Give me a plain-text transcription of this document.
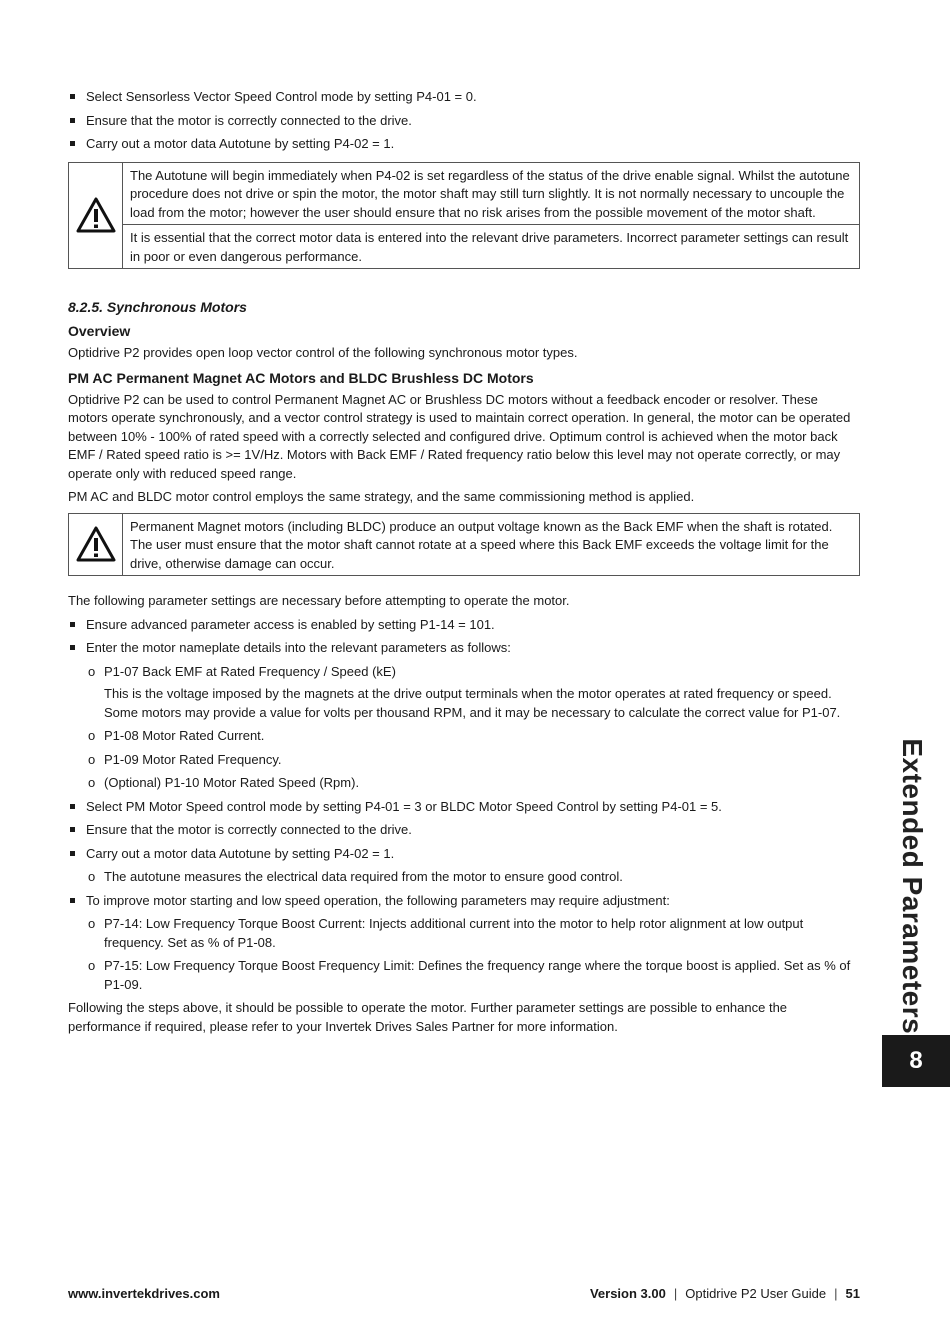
Select Sensorless Vector Speed Control mode by setting P4-01 = 0.
Ensure that the motor is correctly connected to the drive.
Carry out a motor data Autotune by setting P4-02 = 1.
The Autotune will begin immediately when P4-02 is set regardless of the status of the drive enable signal. Whilst the autotune procedure does not drive or spin the motor, the motor shaft may still turn slightly. It is not normally necessary to uncouple the load from the motor; however the user should ensure that no risk arises from the possible movement of the motor shaft.
It is essential that the correct motor data is entered into the relevant drive parameters. Incorrect parameter settings can result in poor or even dangerous performance.
8.2.5. Synchronous Motors
Overview

Optidrive P2 provides open loop vector control of the following synchronous motor types.

PM AC Permanent Magnet AC Motors and BLDC Brushless DC Motors

Optidrive P2 can be used to control Permanent Magnet AC or Brushless DC motors without a feedback encoder or resolver. These motors operate synchronously, and a vector control strategy is used to maintain correct operation. In general, the motor can be operated between 10% - 100% of rated speed with a correctly selected and configured drive. Optimum control is achieved when the motor back EMF / Rated speed ratio is >= 1V/Hz. Motors with Back EMF / Rated frequency ratio below this level may not operate correctly, or may operate only with reduced speed range.

PM AC and BLDC motor control employs the same strategy, and the same commissioning method is applied.

Permanent Magnet motors (including BLDC) produce an output voltage known as the Back EMF when the shaft is rotated. The user must ensure that the motor shaft cannot rotate at a speed where this Back EMF exceeds the voltage limit for the drive, otherwise damage can occur.

The following parameter settings are necessary before attempting to operate the motor.

Ensure advanced parameter access is enabled by setting P1-14 = 101.
Enter the motor nameplate details into the relevant parameters as follows:
o P1-07 Back EMF at Rated Frequency / Speed (kE)
This is the voltage imposed by the magnets at the drive output terminals when the motor operates at rated frequency or speed. Some motors may provide a value for volts per thousand RPM, and it may be necessary to calculate the correct value for P1-07.
o P1-08 Motor Rated Current.
o P1-09 Motor Rated Frequency.
o (Optional) P1-10 Motor Rated Speed (Rpm).
Select PM Motor Speed control mode by setting P4-01 = 3 or BLDC Motor Speed Control by setting P4-01 = 5.
Ensure that the motor is correctly connected to the drive.
Carry out a motor data Autotune by setting P4-02 = 1.
o The autotune measures the electrical data required from the motor to ensure good control.
To improve motor starting and low speed operation, the following parameters may require adjustment:
o P7-14: Low Frequency Torque Boost Current: Injects additional current into the motor to help rotor alignment at low output frequency. Set as % of P1-08.
o P7-15: Low Frequency Torque Boost Frequency Limit: Defines the frequency range where the torque boost is applied. Set as % of P1-09.

Following the steps above, it should be possible to operate the motor. Further parameter settings are possible to enhance the performance if required, please refer to your Invertek Drives Sales Partner for more information.	Extended Parameters
8
www.invertekdrives.com	Version 3.00 | Optidrive P2 User Guide | 51
